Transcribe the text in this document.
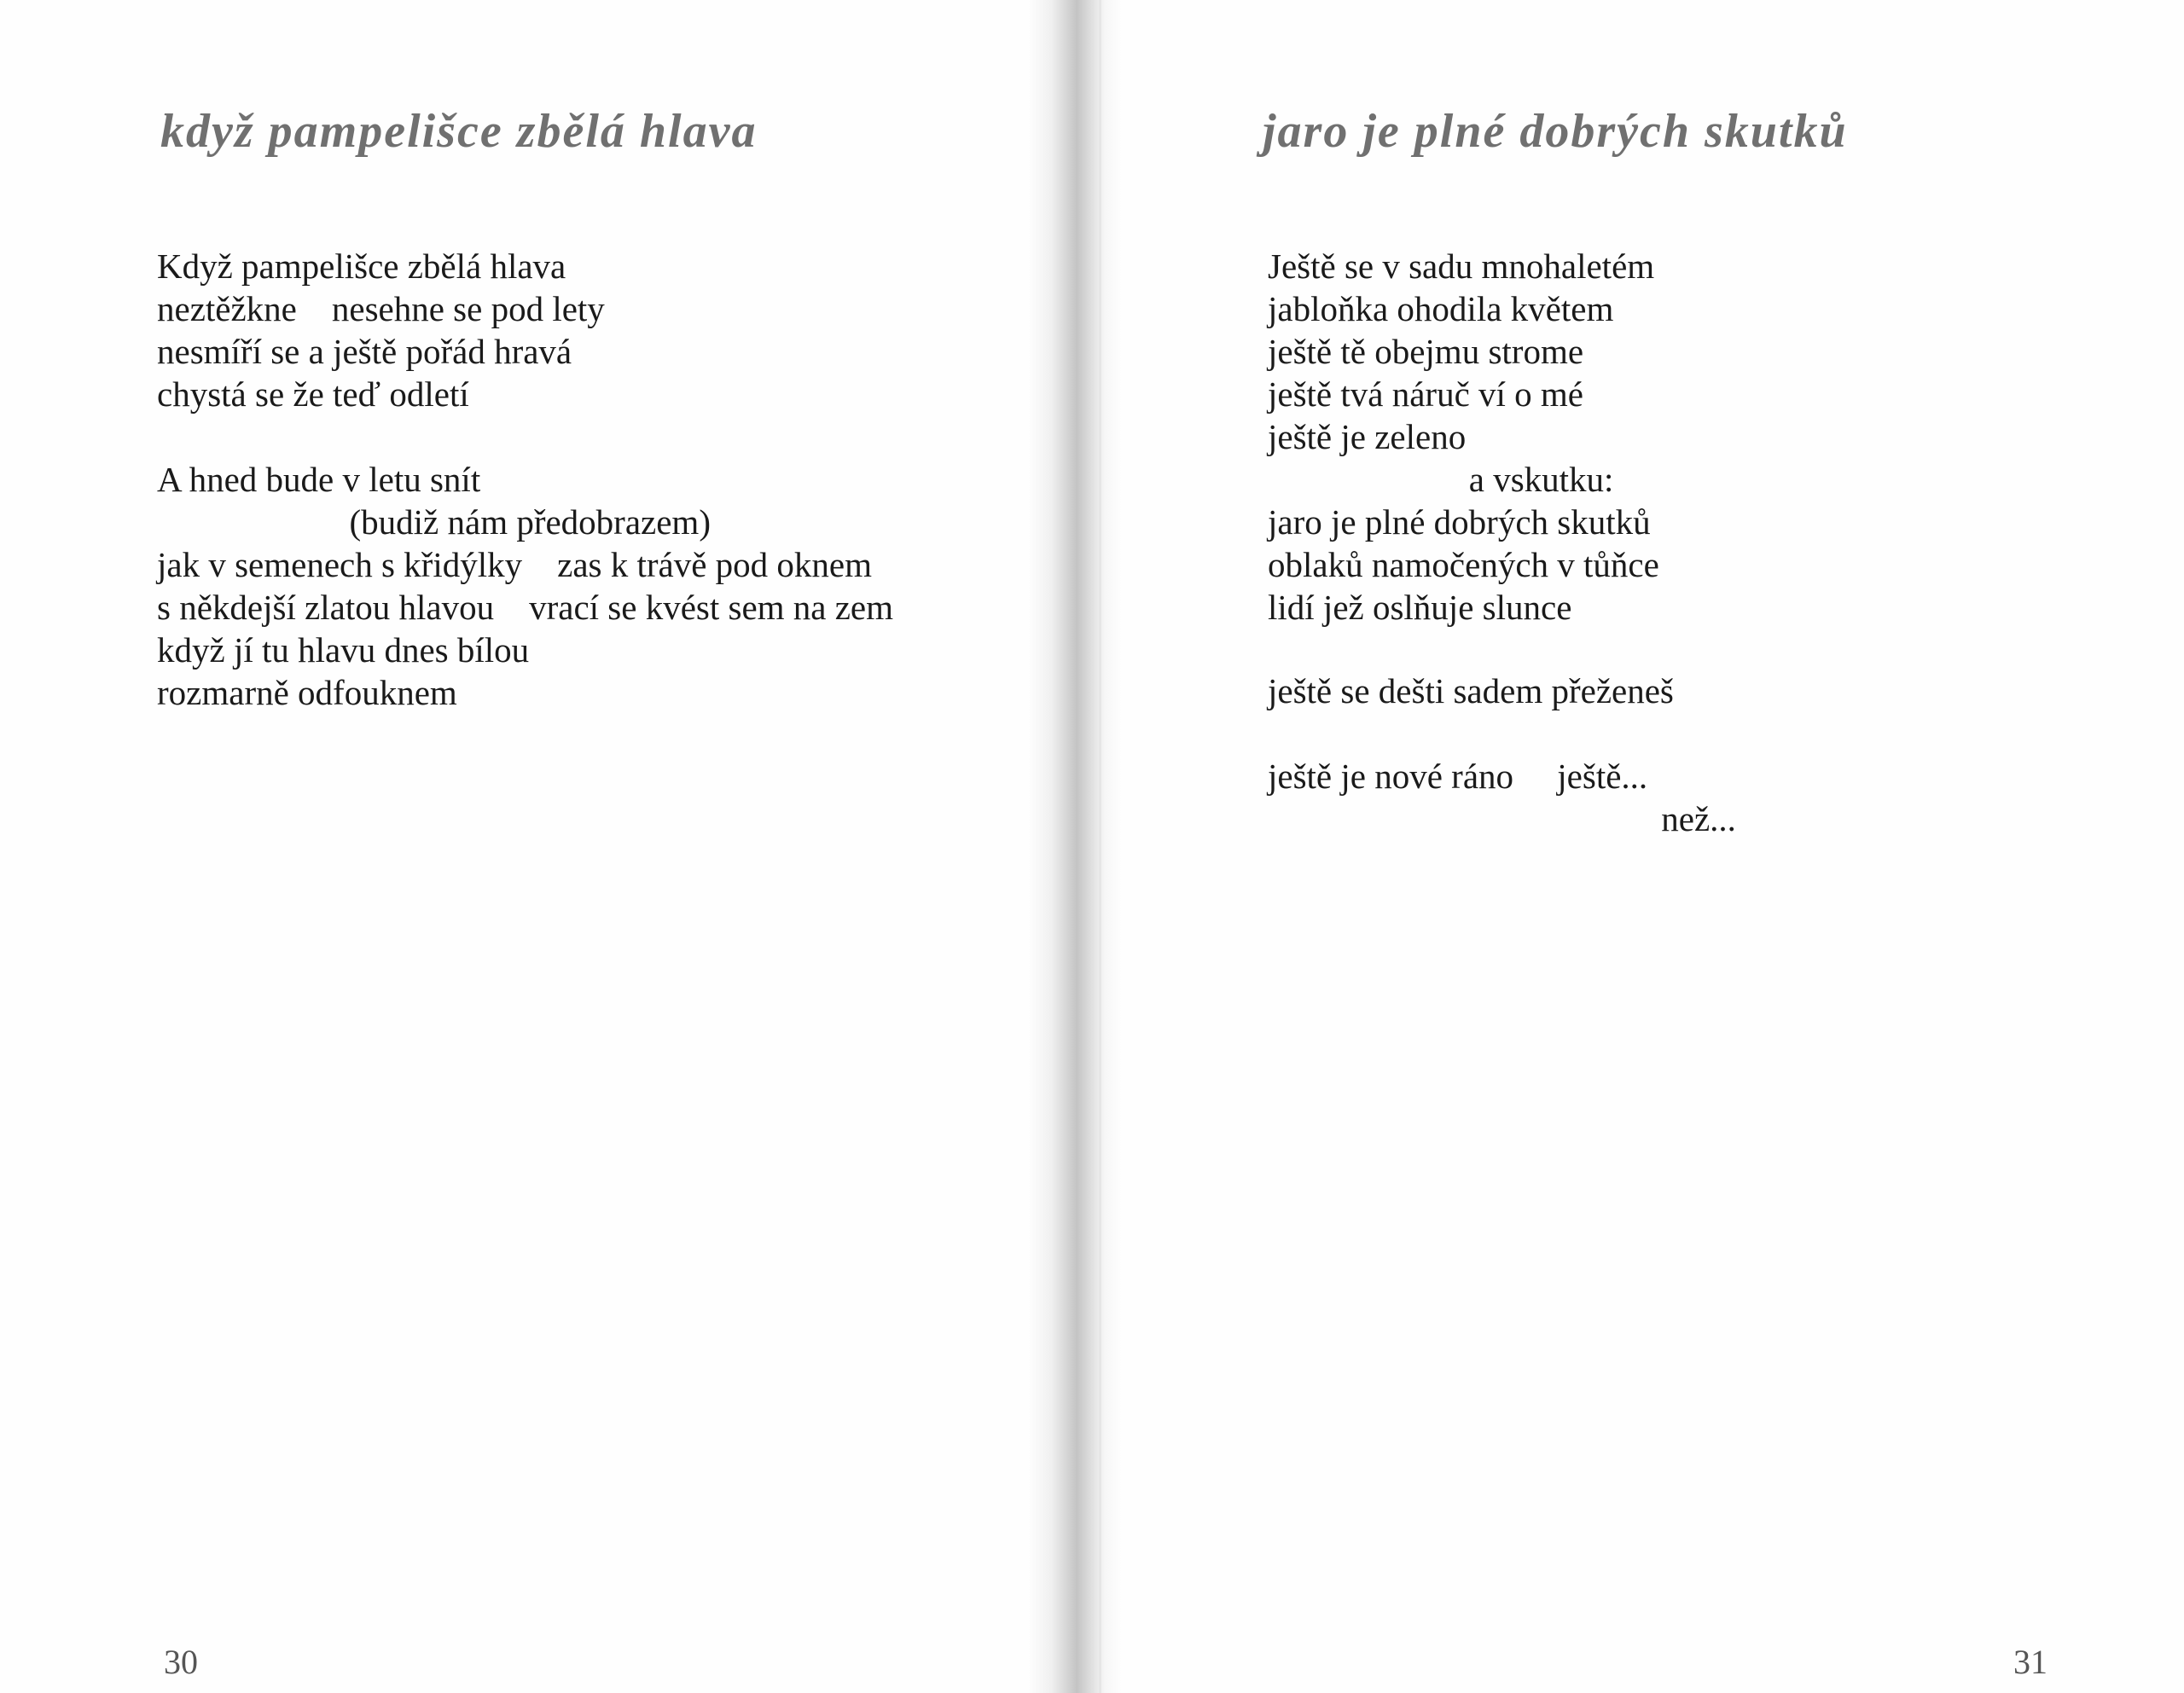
když pampelišce zbělá hlava
Když pampelišce zbělá hlava
neztěžkne    nesehne se pod lety
nesmíří se a ještě pořád hravá
chystá se že teď odletí
A hned bude v letu snít
(budiž nám předobrazem)
jak v semenech s křidýlky    zas k trávě pod oknem
s někdejší zlatou hlavou    vrací se kvést sem na zem
když jí tu hlavu dnes bílou
rozmarně odfouknem
30
jaro je plné dobrých skutků
Ještě se v sadu mnohaletém
jabloňka ohodila květem
ještě tě obejmu strome
ještě tvá náruč ví o mé
ještě je zeleno
a vskutku:
jaro je plné dobrých skutků
oblaků namočených v tůňce
lidí jež oslňuje slunce
ještě se dešti sadem přeženeš
ještě je nové ráno     ještě...
než...
31
